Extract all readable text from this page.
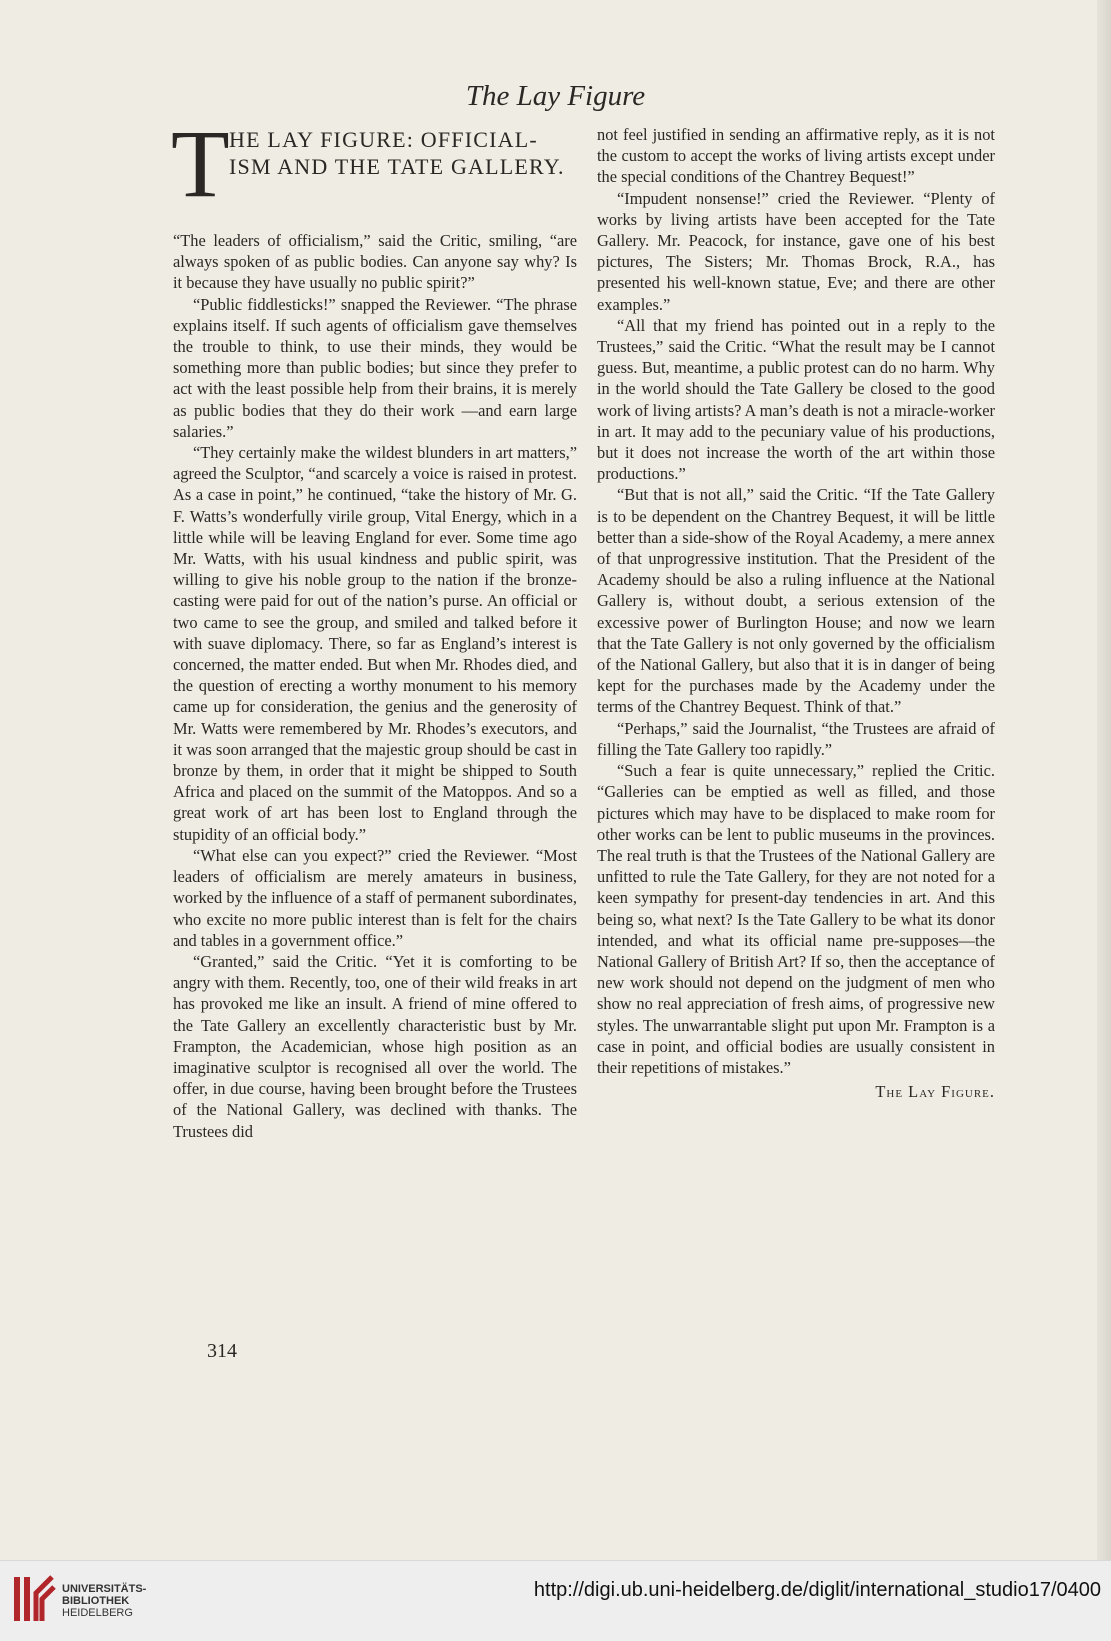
The Lay Figure
T HE LAY FIGURE: OFFICIAL-ISM AND THE TATE GALLERY.

“The leaders of officialism,” said the Critic, smiling, “are always spoken of as public bodies. Can anyone say why? Is it because they have usually no public spirit?”

“Public fiddlesticks!” snapped the Reviewer. “The phrase explains itself. If such agents of officialism gave themselves the trouble to think, to use their minds, they would be something more than public bodies; but since they prefer to act with the least possible help from their brains, it is merely as public bodies that they do their work —and earn large salaries.”

“They certainly make the wildest blunders in art matters,” agreed the Sculptor, “and scarcely a voice is raised in protest. As a case in point,” he continued, “take the history of Mr. G. F. Watts’s wonderfully virile group, Vital Energy, which in a little while will be leaving England for ever. Some time ago Mr. Watts, with his usual kindness and public spirit, was willing to give his noble group to the nation if the bronze-casting were paid for out of the nation’s purse. An official or two came to see the group, and smiled and talked before it with suave diplomacy. There, so far as England’s interest is concerned, the matter ended. But when Mr. Rhodes died, and the question of erecting a worthy monument to his memory came up for consideration, the genius and the generosity of Mr. Watts were remembered by Mr. Rhodes’s executors, and it was soon arranged that the majestic group should be cast in bronze by them, in order that it might be shipped to South Africa and placed on the summit of the Matoppos. And so a great work of art has been lost to England through the stupidity of an official body.”

“What else can you expect?” cried the Reviewer. “Most leaders of officialism are merely amateurs in business, worked by the influence of a staff of permanent subordinates, who excite no more public interest than is felt for the chairs and tables in a government office.”

“Granted,” said the Critic. “Yet it is comforting to be angry with them. Recently, too, one of their wild freaks in art has provoked me like an insult. A friend of mine offered to the Tate Gallery an excellently characteristic bust by Mr. Frampton, the Academician, whose high position as an imaginative sculptor is recognised all over the world. The offer, in due course, having been brought before the Trustees of the National Gallery, was declined with thanks. The Trustees did

not feel justified in sending an affirmative reply, as it is not the custom to accept the works of living artists except under the special conditions of the Chantrey Bequest!”

“Impudent nonsense!” cried the Reviewer. “Plenty of works by living artists have been accepted for the Tate Gallery. Mr. Peacock, for instance, gave one of his best pictures, The Sisters; Mr. Thomas Brock, R.A., has presented his well-known statue, Eve; and there are other examples.”

“All that my friend has pointed out in a reply to the Trustees,” said the Critic. “What the result may be I cannot guess. But, meantime, a public protest can do no harm. Why in the world should the Tate Gallery be closed to the good work of living artists? A man’s death is not a miracle-worker in art. It may add to the pecuniary value of his productions, but it does not increase the worth of the art within those productions.”

“But that is not all,” said the Critic. “If the Tate Gallery is to be dependent on the Chantrey Bequest, it will be little better than a side-show of the Royal Academy, a mere annex of that unprogressive institution. That the President of the Academy should be also a ruling influence at the National Gallery is, without doubt, a serious extension of the excessive power of Burlington House; and now we learn that the Tate Gallery is not only governed by the officialism of the National Gallery, but also that it is in danger of being kept for the purchases made by the Academy under the terms of the Chantrey Bequest. Think of that.”

“Perhaps,” said the Journalist, “the Trustees are afraid of filling the Tate Gallery too rapidly.”

“Such a fear is quite unnecessary,” replied the Critic. “Galleries can be emptied as well as filled, and those pictures which may have to be displaced to make room for other works can be lent to public museums in the provinces. The real truth is that the Trustees of the National Gallery are unfitted to rule the Tate Gallery, for they are not noted for a keen sympathy for present-day tendencies in art. And this being so, what next? Is the Tate Gallery to be what its donor intended, and what its official name pre-supposes—the National Gallery of British Art? If so, then the acceptance of new work should not depend on the judgment of men who show no real appreciation of fresh aims, of progressive new styles. The unwarrantable slight put upon Mr. Frampton is a case in point, and official bodies are usually consistent in their repetitions of mistakes.”

The Lay Figure.
314
UNIVERSITÄTS-
BIBLIOTHEK
HEIDELBERG
http://digi.ub.uni-heidelberg.de/diglit/international_studio17/0400
